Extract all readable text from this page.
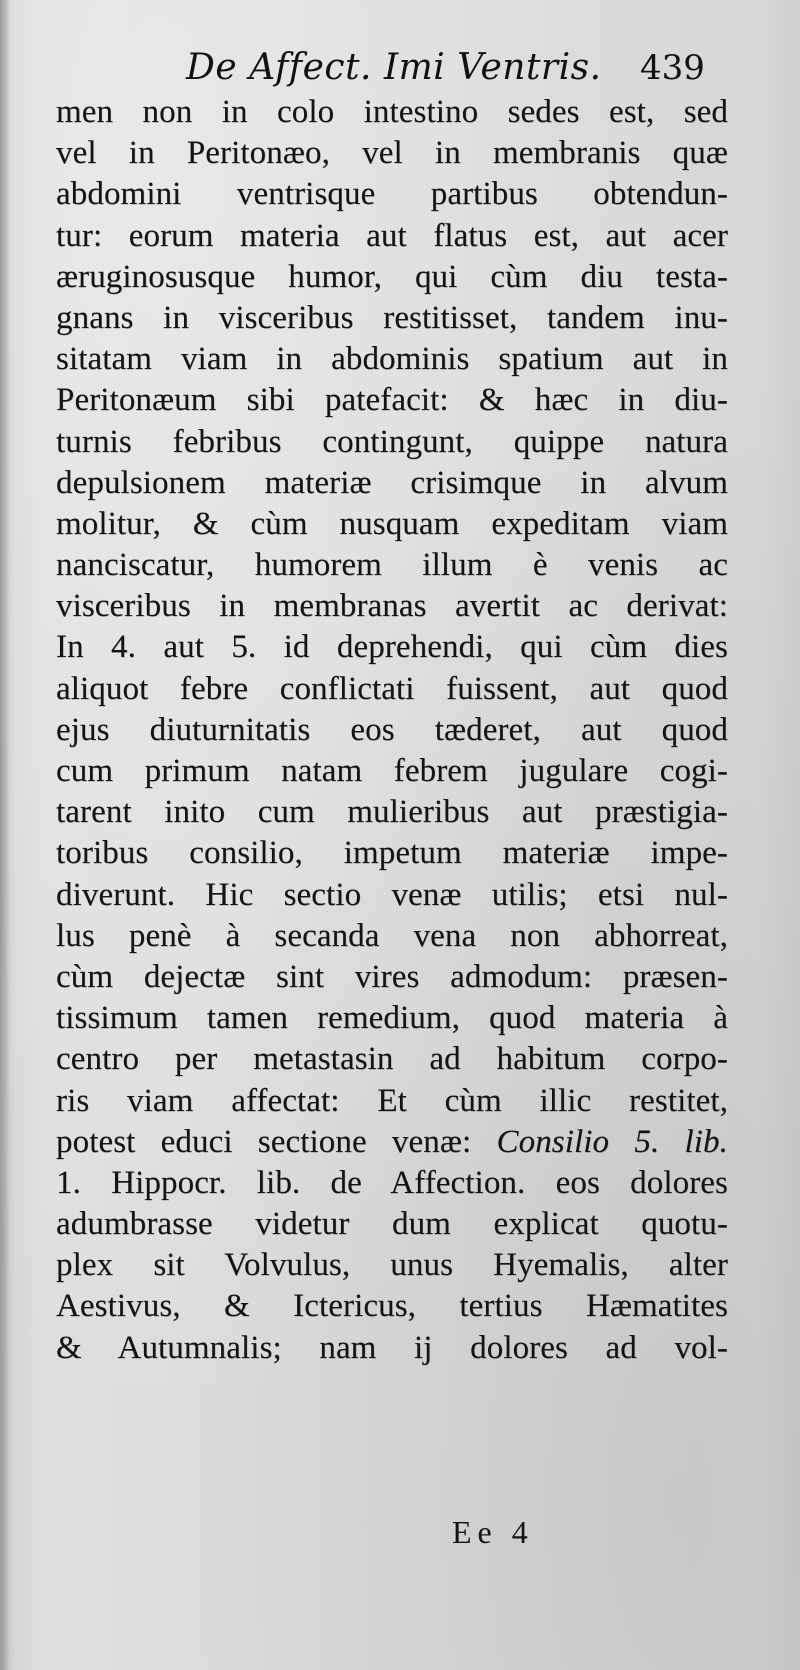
De Affect. Imi Ventris. 439
men non in colo intestino sedes est, sed
vel in Peritonæo, vel in membranis quæ
abdomini ventrisque partibus obtendun-
tur: eorum materia aut flatus est, aut acer
æruginosusque humor, qui cùm diu testa-
gnans in visceribus restitisset, tandem inu-
sitatam viam in abdominis spatium aut in
Peritonæum sibi patefacit: & hæc in diu-
turnis febribus contingunt, quippe natura
depulsionem materiæ crisimque in alvum
molitur, & cùm nusquam expeditam viam
nanciscatur, humorem illum è venis ac
visceribus in membranas avertit ac derivat:
In 4. aut 5. id deprehendi, qui cùm dies
aliquot febre conflictati fuissent, aut quod
ejus diuturnitatis eos tæderet, aut quod
cum primum natam febrem jugulare cogi-
tarent inito cum mulieribus aut præstigia-
toribus consilio, impetum materiæ impe-
diverunt. Hic sectio venæ utilis; etsi nul-
lus penè à secanda vena non abhorreat,
cùm dejectæ sint vires admodum: præsen-
tissimum tamen remedium, quod materia à
centro per metastasin ad habitum corpo-
ris viam affectat: Et cùm illic restitet,
potest educi sectione venæ: Consilio 5. lib.
1. Hippocr. lib. de Affection. eos dolores
adumbrasse videtur dum explicat quotu-
plex sit Volvulus, unus Hyemalis, alter
Aestivus, & Ictericus, tertius Hæmatites
& Autumnalis; nam ij dolores ad vol-
Ee 4
